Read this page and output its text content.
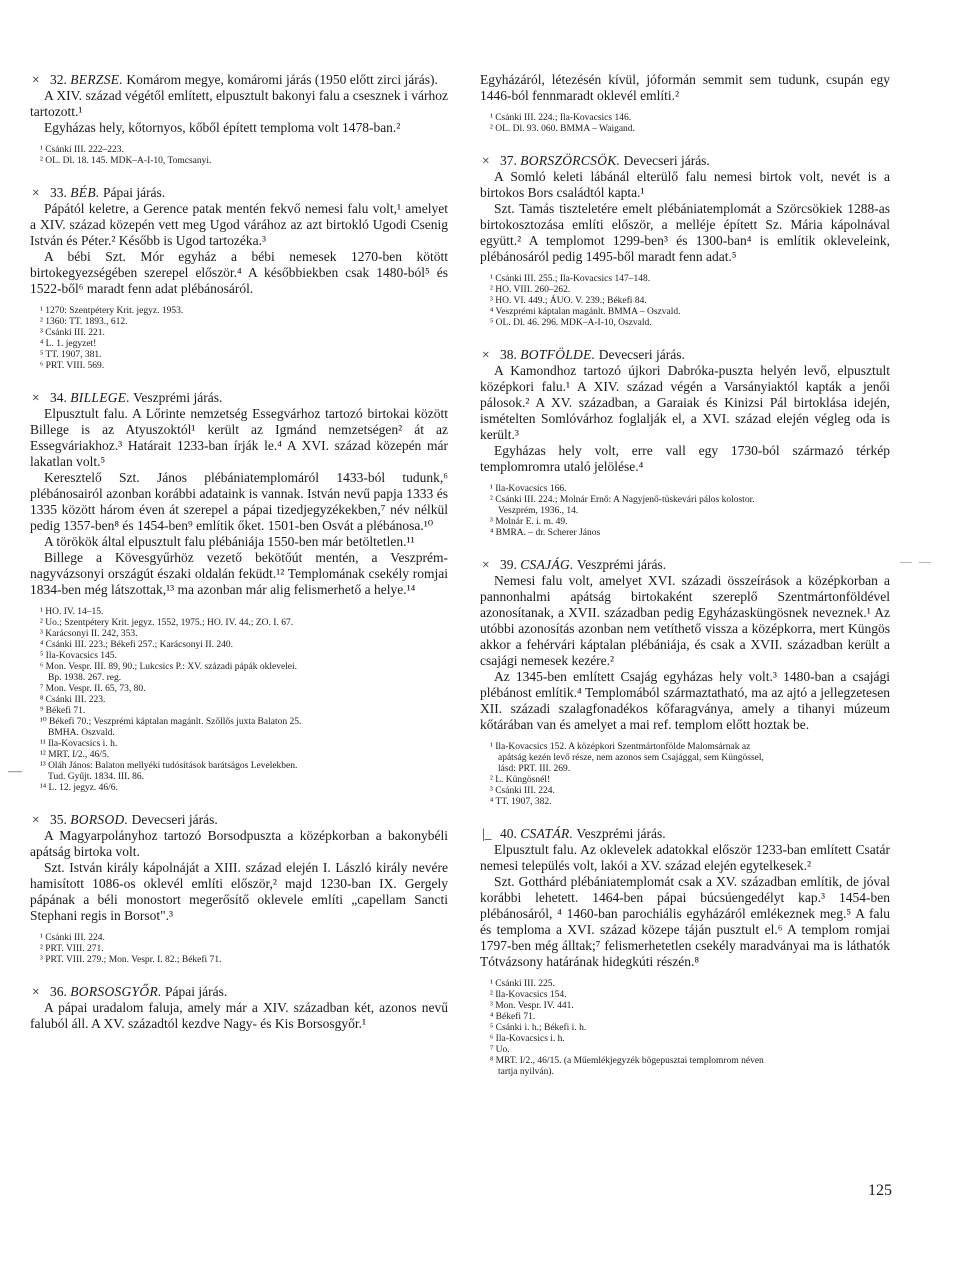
× 32. BERZSE. Komárom megye, komáromi járás (1950 előtt zirci járás).

A XIV. század végétől említett, elpusztult bakonyi falu a csesznek i várhoz tartozott.¹

Egyházas hely, kőtornyos, kőből épített temploma volt 1478-ban.²

¹ Csánki III. 222–223.

² OL. Dl. 18. 145. MDK–A-I-10, Tomcsanyi.

× 33. BÉB. Pápai járás.

Pápától keletre, a Gerence patak mentén fekvő nemesi falu volt,¹ amelyet a XIV. század közepén vett meg Ugod várához az azt birtokló Ugodi Csenig István és Péter.² Később is Ugod tartozéka.³

A bébi Szt. Mór egyház a bébi nemesek 1270-ben kötött birtokegyezségében szerepel először.⁴ A későbbiekben csak 1480-ból⁵ és 1522-ből⁶ maradt fenn adat plébánosáról.

¹ 1270: Szentpétery Krit. jegyz. 1953.

² 1360: TT. 1893., 612.

³ Csánki III. 221.

⁴ L. 1. jegyzet!

⁵ TT. 1907, 381.

⁶ PRT. VIII. 569.

× 34. BILLEGE. Veszprémi járás.

Elpusztult falu. A Lőrinte nemzetség Essegvárhoz tartozó birtokai között Billege is az Atyuszoktól¹ került az Igmánd nemzetségen² át az Essegváriakhoz.³ Határait 1233-ban írják le.⁴ A XVI. század közepén már lakatlan volt.⁵

Keresztelő Szt. János plébániatemplomáról 1433-ból tudunk,⁶ plébánosairól azonban korábbi adataink is vannak. István nevű papja 1333 és 1335 között három éven át szerepel a pápai tizedjegyzékekben,⁷ név nélkül pedig 1357-ben⁸ és 1454-ben⁹ említik őket. 1501-ben Osvát a plébánosa.¹⁰

A törökök által elpusztult falu plébániája 1550-ben már betöltetlen.¹¹

Billege a Kövesgyűrhöz vezető bekötőút mentén, a Veszprém-nagyvázsonyi országút északi oldalán feküdt.¹² Templomának csekély romjai 1834-ben még látszottak,¹³ ma azonban már alig felismerhető a helye.¹⁴

¹ HO. IV. 14–15.

² Uo.; Szentpétery Krit. jegyz. 1552, 1975.; HO. IV. 44.; ZO. I. 67.

³ Karácsonyi II. 242, 353.

⁴ Csánki III. 223.; Békefi 257.; Karácsonyi II. 240.

⁵ Ila-Kovacsics 145.

⁶ Mon. Vespr. III. 89, 90.; Lukcsics P.: XV. századi pápák oklevelei.

Bp. 1938. 267. reg.

⁷ Mon. Vespr. II. 65, 73, 80.

⁸ Csánki III. 223.

⁹ Békefi 71.

¹⁰ Békefi 70.; Veszprémi káptalan magánlt. Szőllős juxta Balaton 25.

BMHA. Oszvald.

¹¹ Ila-Kovacsics i. h.

¹² MRT. I/2., 46/5.

¹³ Oláh János: Balaton mellyéki tudósítások barátságos Levelekben.

Tud. Gyűjt. 1834. III. 86.

¹⁴ L. 12. jegyz. 46/6.

× 35. BORSOD. Devecseri járás.

A Magyarpolányhoz tartozó Borsodpuszta a középkorban a bakonybéli apátság birtoka volt.

Szt. István király kápolnáját a XIII. század elején I. László király nevére hamisított 1086-os oklevél említi először,² majd 1230-ban IX. Gergely pápának a béli monostort megerősítő oklevele említi „capellam Sancti Stephani regis in Borsot".³

¹ Csánki III. 224.

² PRT. VIII. 271.

³ PRT. VIII. 279.; Mon. Vespr. I. 82.; Békefi 71.

× 36. BORSOSGYŐR. Pápai járás.

A pápai uradalom faluja, amely már a XIV. században két, azonos nevű faluból áll. A XV. századtól kezdve Nagy- és Kis Borsosgyőr.¹

Egyházáról, létezésén kívül, jóformán semmit sem tudunk, csupán egy 1446-ból fennmaradt oklevél említi.²

¹ Csánki III. 224.; Ila-Kovacsics 146.

² OL. Dl. 93. 060. BMMA – Waigand.

× 37. BORSZÖRCSÖK. Devecseri járás.

A Somló keleti lábánál elterülő falu nemesi birtok volt, nevét is a birtokos Bors családtól kapta.¹

Szt. Tamás tiszteletére emelt plébániatemplomát a Szörcsökiek 1288-as birtokosztozása említi először, a melléje épített Sz. Mária kápolnával együtt.² A templomot 1299-ben³ és 1300-ban⁴ is említik okleveleink, plébánosáról pedig 1495-ből maradt fenn adat.⁵

¹ Csánki III. 255.; Ila-Kovacsics 147–148.

² HO. VIII. 260–262.

³ HO. VI. 449.; ÁUO. V. 239.; Békefi 84.

⁴ Veszprémi káptalan magánlt. BMMA – Oszvald.

⁵ OL. Dl. 46. 296. MDK–A-I-10, Oszvald.

× 38. BOTFÖLDE. Devecseri járás.

A Kamondhoz tartozó újkori Dabróka-puszta helyén levő, elpusztult középkori falu.¹ A XIV. század végén a Varsányiaktól kapták a jenői pálosok.² A XV. században, a Garaiak és Kinizsi Pál birtoklása idején, ismételten Somlóvárhoz foglalják el, a XVI. század elején végleg oda is került.³

Egyházas hely volt, erre vall egy 1730-ból származó térkép templomromra utaló jelölése.⁴

¹ Ila-Kovacsics 166.

² Csánki III. 224.; Molnár Ernő: A Nagyjenő-tüskevári pálos kolostor.

Veszprém, 1936., 14.

³ Molnár E. i. m. 49.

⁴ BMRA. – dr. Scherer János

× 39. CSAJÁG. Veszprémi járás.

Nemesi falu volt, amelyet XVI. századi összeírások a középkorban a pannonhalmi apátság birtokaként szereplő Szentmártonföldével azonosítanak, a XVII. században pedig Egyházasküngösnek neveznek.¹ Az utóbbi azonosítás azonban nem vetíthető vissza a középkorra, mert Küngös akkor a fehérvári káptalan plébániája, és csak a XVII. században került a csajági nemesek kezére.²

Az 1345-ben említett Csajág egyházas hely volt.³ 1480-ban a csajági plébánost említik.⁴ Templomából származtatható, ma az ajtó a jellegzetesen XII. századi szalagfonadékos kőfaragványa, amely a tihanyi múzeum kőtárában van és amelyet a mai ref. templom előtt hoztak be.

¹ Ila-Kovacsics 152. A középkori Szentmártonfölde Malomsárnak az

apátság kezén levő része, nem azonos sem Csajággal, sem Küngössel,

lásd: PRT. III. 269.

² L. Küngösnél!

³ Csánki III. 224.

⁴ TT. 1907, 382.

|_ 40. CSATÁR. Veszprémi járás.

Elpusztult falu. Az oklevelek adatokkal először 1233-ban említett Csatár nemesi település volt, lakói a XV. század elején egytelkesek.²

Szt. Gotthárd plébániatemplomát csak a XV. században említik, de jóval korábbi lehetett. 1464-ben pápai búcsúengedélyt kap.³ 1454-ben plébánosáról, ⁴ 1460-ban parochiális egyházáról emlékeznek meg.⁵ A falu és temploma a XVI. század közepe táján pusztult el.⁶ A templom romjai 1797-ben még álltak;⁷ felismerhetetlen csekély maradványai ma is láthatók Tótvázsony határának hidegkúti részén.⁸

¹ Csánki III. 225.

² Ila-Kovacsics 154.

³ Mon. Vespr. IV. 441.

⁴ Békefi 71.

⁵ Csánki i. h.; Békefi i. h.

⁶ Ila-Kovacsics i. h.

⁷ Uo.

⁸ MRT. I/2., 46/15. (a Műemlékjegyzék bögepusztai templomrom néven

tartja nyilván).

—
— —
125
